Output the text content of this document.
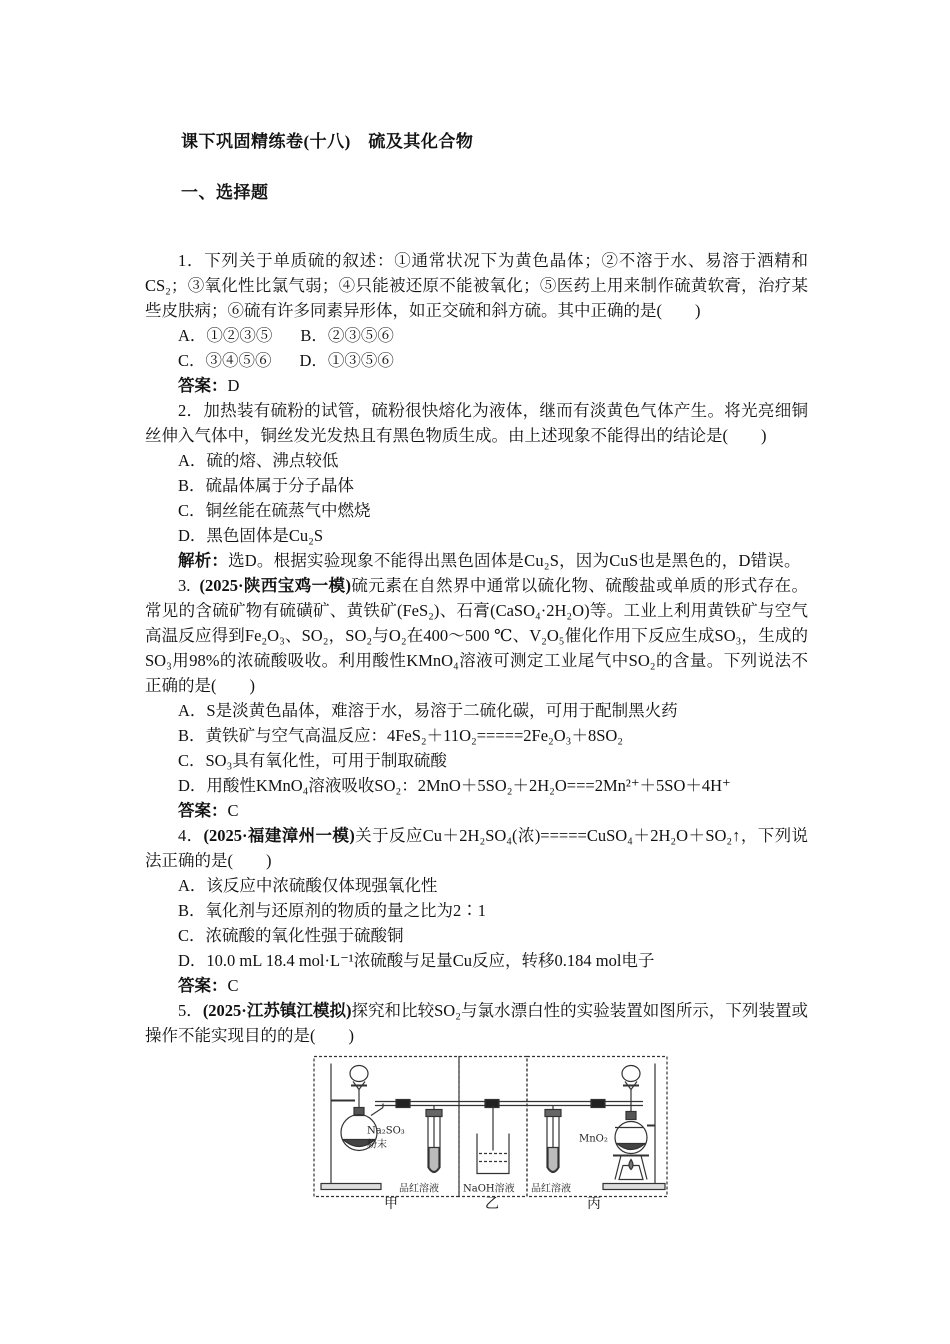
课下巩固精练卷(十八)　硫及其化合物
一、选择题

1．下列关于单质硫的叙述：①通常状况下为黄色晶体；②不溶于水、易溶于酒精和CS₂；③氧化性比氯气弱；④只能被还原不能被氧化；⑤医药上用来制作硫黄软膏，治疗某些皮肤病；⑥硫有许多同素异形体，如正交硫和斜方硫。其中正确的是(　　)

A．①②③⑤ B．②③⑤⑥

C．③④⑤⑥ D．①③⑤⑥

答案：D

2．加热装有硫粉的试管，硫粉很快熔化为液体，继而有淡黄色气体产生。将光亮细铜丝伸入气体中，铜丝发光发热且有黑色物质生成。由上述现象不能得出的结论是(　　)

A．硫的熔、沸点较低

B．硫晶体属于分子晶体

C．铜丝能在硫蒸气中燃烧

D．黑色固体是Cu₂S

解析：选D。根据实验现象不能得出黑色固体是Cu₂S，因为CuS也是黑色的，D错误。

3. (2025·陕西宝鸡一模)硫元素在自然界中通常以硫化物、硫酸盐或单质的形式存在。常见的含硫矿物有硫磺矿、黄铁矿(FeS₂)、石膏(CaSO₄·2H₂O)等。工业上利用黄铁矿与空气高温反应得到Fe₂O₃、SO₂，SO₂与O₂在400～500 ℃、V₂O₅催化作用下反应生成SO₃，生成的SO₃用98%的浓硫酸吸收。利用酸性KMnO₄溶液可测定工业尾气中SO₂的含量。下列说法不正确的是(　　)

A．S是淡黄色晶体，难溶于水，易溶于二硫化碳，可用于配制黑火药

B．黄铁矿与空气高温反应：4FeS₂＋11O₂=====2Fe₂O₃＋8SO₂

C．SO₃具有氧化性，可用于制取硫酸

D．用酸性KMnO₄溶液吸收SO₂：2MnO＋5SO₂＋2H₂O===2Mn²⁺＋5SO＋4H⁺

答案：C

4．(2025·福建漳州一模)关于反应Cu＋2H₂SO₄(浓)=====CuSO₄＋2H₂O＋SO₂↑，下列说法正确的是(　　)

A．该反应中浓硫酸仅体现强氧化性

B．氧化剂与还原剂的物质的量之比为2∶1

C．浓硫酸的氧化性强于硫酸铜

D．10.0 mL 18.4 mol·L⁻¹浓硫酸与足量Cu反应，转移0.184 mol电子

答案：C

5．(2025·江苏镇江模拟)探究和比较SO₂与氯水漂白性的实验装置如图所示，下列装置或操作不能实现目的的是(　　)

Na₂SO₃
粉末
品红溶液 NaOH溶液 品红溶液
MnO₂
甲	乙	丙
